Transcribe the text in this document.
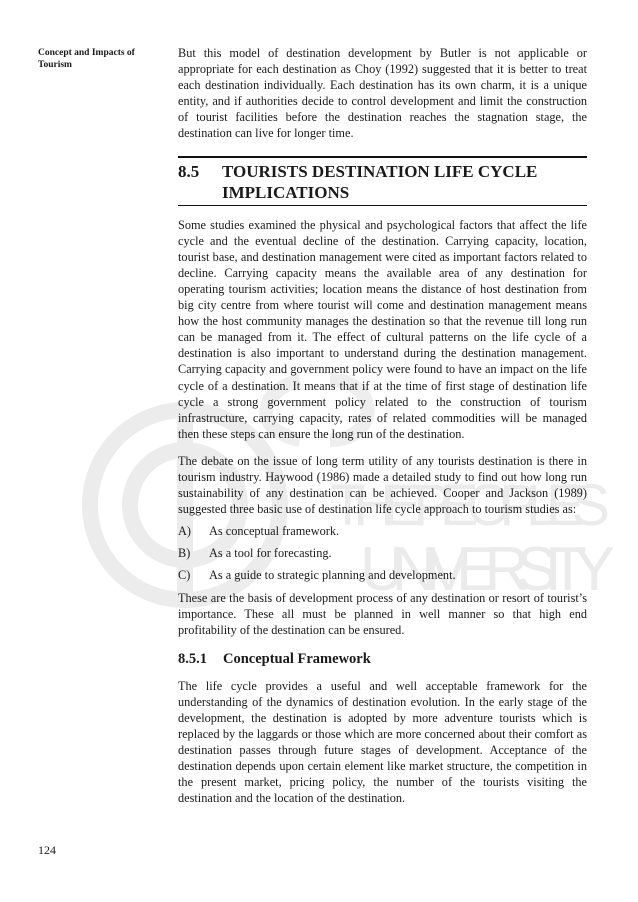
THE PEOPLE'S
UNIVERSITY
Concept and Impacts of Tourism

But this model of destination development by Butler is not applicable or appropriate for each destination as Choy (1992) suggested that it is better to treat each destination individually. Each destination has its own charm, it is a unique entity, and if authorities decide to control development and limit the construction of tourist facilities before the destination reaches the stagnation stage, the destination can live for longer time.

8.5	TOURISTS DESTINATION LIFE CYCLE IMPLICATIONS

Some studies examined the physical and psychological factors that affect the life cycle and the eventual decline of the destination. Carrying capacity, location, tourist base, and destination management were cited as important factors related to decline. Carrying capacity means the available area of any destination for operating tourism activities; location means the distance of host destination from big city centre from where tourist will come and destination management means how the host community manages the destination so that the revenue till long run can be managed from it. The effect of cultural patterns on the life cycle of a destination is also important to understand during the destination management. Carrying capacity and government policy were found to have an impact on the life cycle of a destination. It means that if at the time of first stage of destination life cycle a strong government policy related to the construction of tourism infrastructure, carrying capacity, rates of related commodities will be managed then these steps can ensure the long run of the destination.

The debate on the issue of long term utility of any tourists destination is there in tourism industry. Haywood (1986) made a detailed study to find out how long run sustainability of any destination can be achieved. Cooper and Jackson (1989) suggested three basic use of destination life cycle approach to tourism studies as:

A)	As conceptual framework.
B)	As a tool for forecasting.
C)	As a guide to strategic planning and development.

These are the basis of development process of any destination or resort of tourist’s importance. These all must be planned in well manner so that high end profitability of the destination can be ensured.

8.5.1	Conceptual Framework

The life cycle provides a useful and well acceptable framework for the understanding of the dynamics of destination evolution. In the early stage of the development, the destination is adopted by more adventure tourists which is replaced by the laggards or those which are more concerned about their comfort as destination passes through future stages of development. Acceptance of the destination depends upon certain element like market structure, the competition in the present market, pricing policy, the number of the tourists visiting the destination and the location of the destination.

124
